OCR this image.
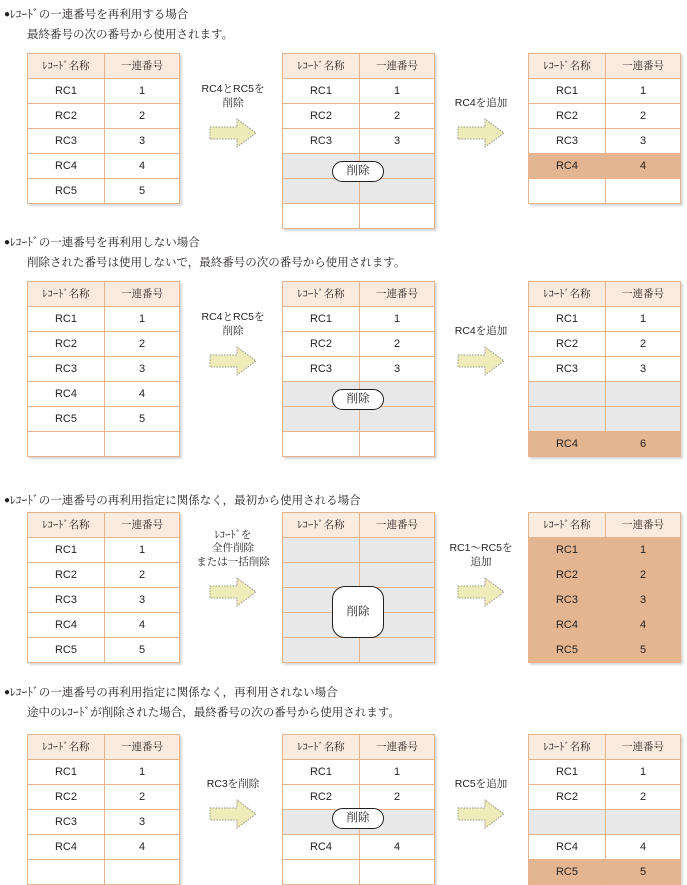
●ﾚｺｰﾄﾞの一連番号を再利用する場合
最終番号の次の番号から使用されます。
ﾚｺｰﾄﾞ名称	一連番号
RC1	1
RC2	2
RC3	3
RC4	4
RC5	5
ﾚｺｰﾄﾞ名称	一連番号
RC1	1
RC2	2
RC3	3

削除
ﾚｺｰﾄﾞ名称	一連番号
RC1	1
RC2	2
RC3	3
RC4	4

RC4とRC5を
削除	RC4を追加
●ﾚｺｰﾄﾞの一連番号を再利用しない場合
削除された番号は使用しないで，最終番号の次の番号から使用されます。
ﾚｺｰﾄﾞ名称	一連番号
RC1	1
RC2	2
RC3	3
RC4	4
RC5	5

ﾚｺｰﾄﾞ名称	一連番号
RC1	1
RC2	2
RC3	3

削除
ﾚｺｰﾄﾞ名称	一連番号
RC1	1
RC2	2
RC3	3

RC4	6
RC4とRC5を
削除	RC4を追加
●ﾚｺｰﾄﾞの一連番号の再利用指定に関係なく，最初から使用される場合
ﾚｺｰﾄﾞ名称	一連番号
RC1	1
RC2	2
RC3	3
RC4	4
RC5	5
ﾚｺｰﾄﾞ名称	一連番号

削除
ﾚｺｰﾄﾞ名称	一連番号
RC1	1
RC2	2
RC3	3
RC4	4
RC5	5
ﾚｺｰﾄﾞを
全件削除
または一括削除
RC1～RC5を
追加
●ﾚｺｰﾄﾞの一連番号の再利用指定に関係なく，再利用されない場合
途中のﾚｺｰﾄﾞが削除された場合，最終番号の次の番号から使用されます。
ﾚｺｰﾄﾞ名称	一連番号
RC1	1
RC2	2
RC3	3
RC4	4

ﾚｺｰﾄﾞ名称	一連番号
RC1	1
RC2	2

RC4	4

削除
ﾚｺｰﾄﾞ名称	一連番号
RC1	1
RC2	2

RC4	4
RC5	5
RC3を削除	RC5を追加
